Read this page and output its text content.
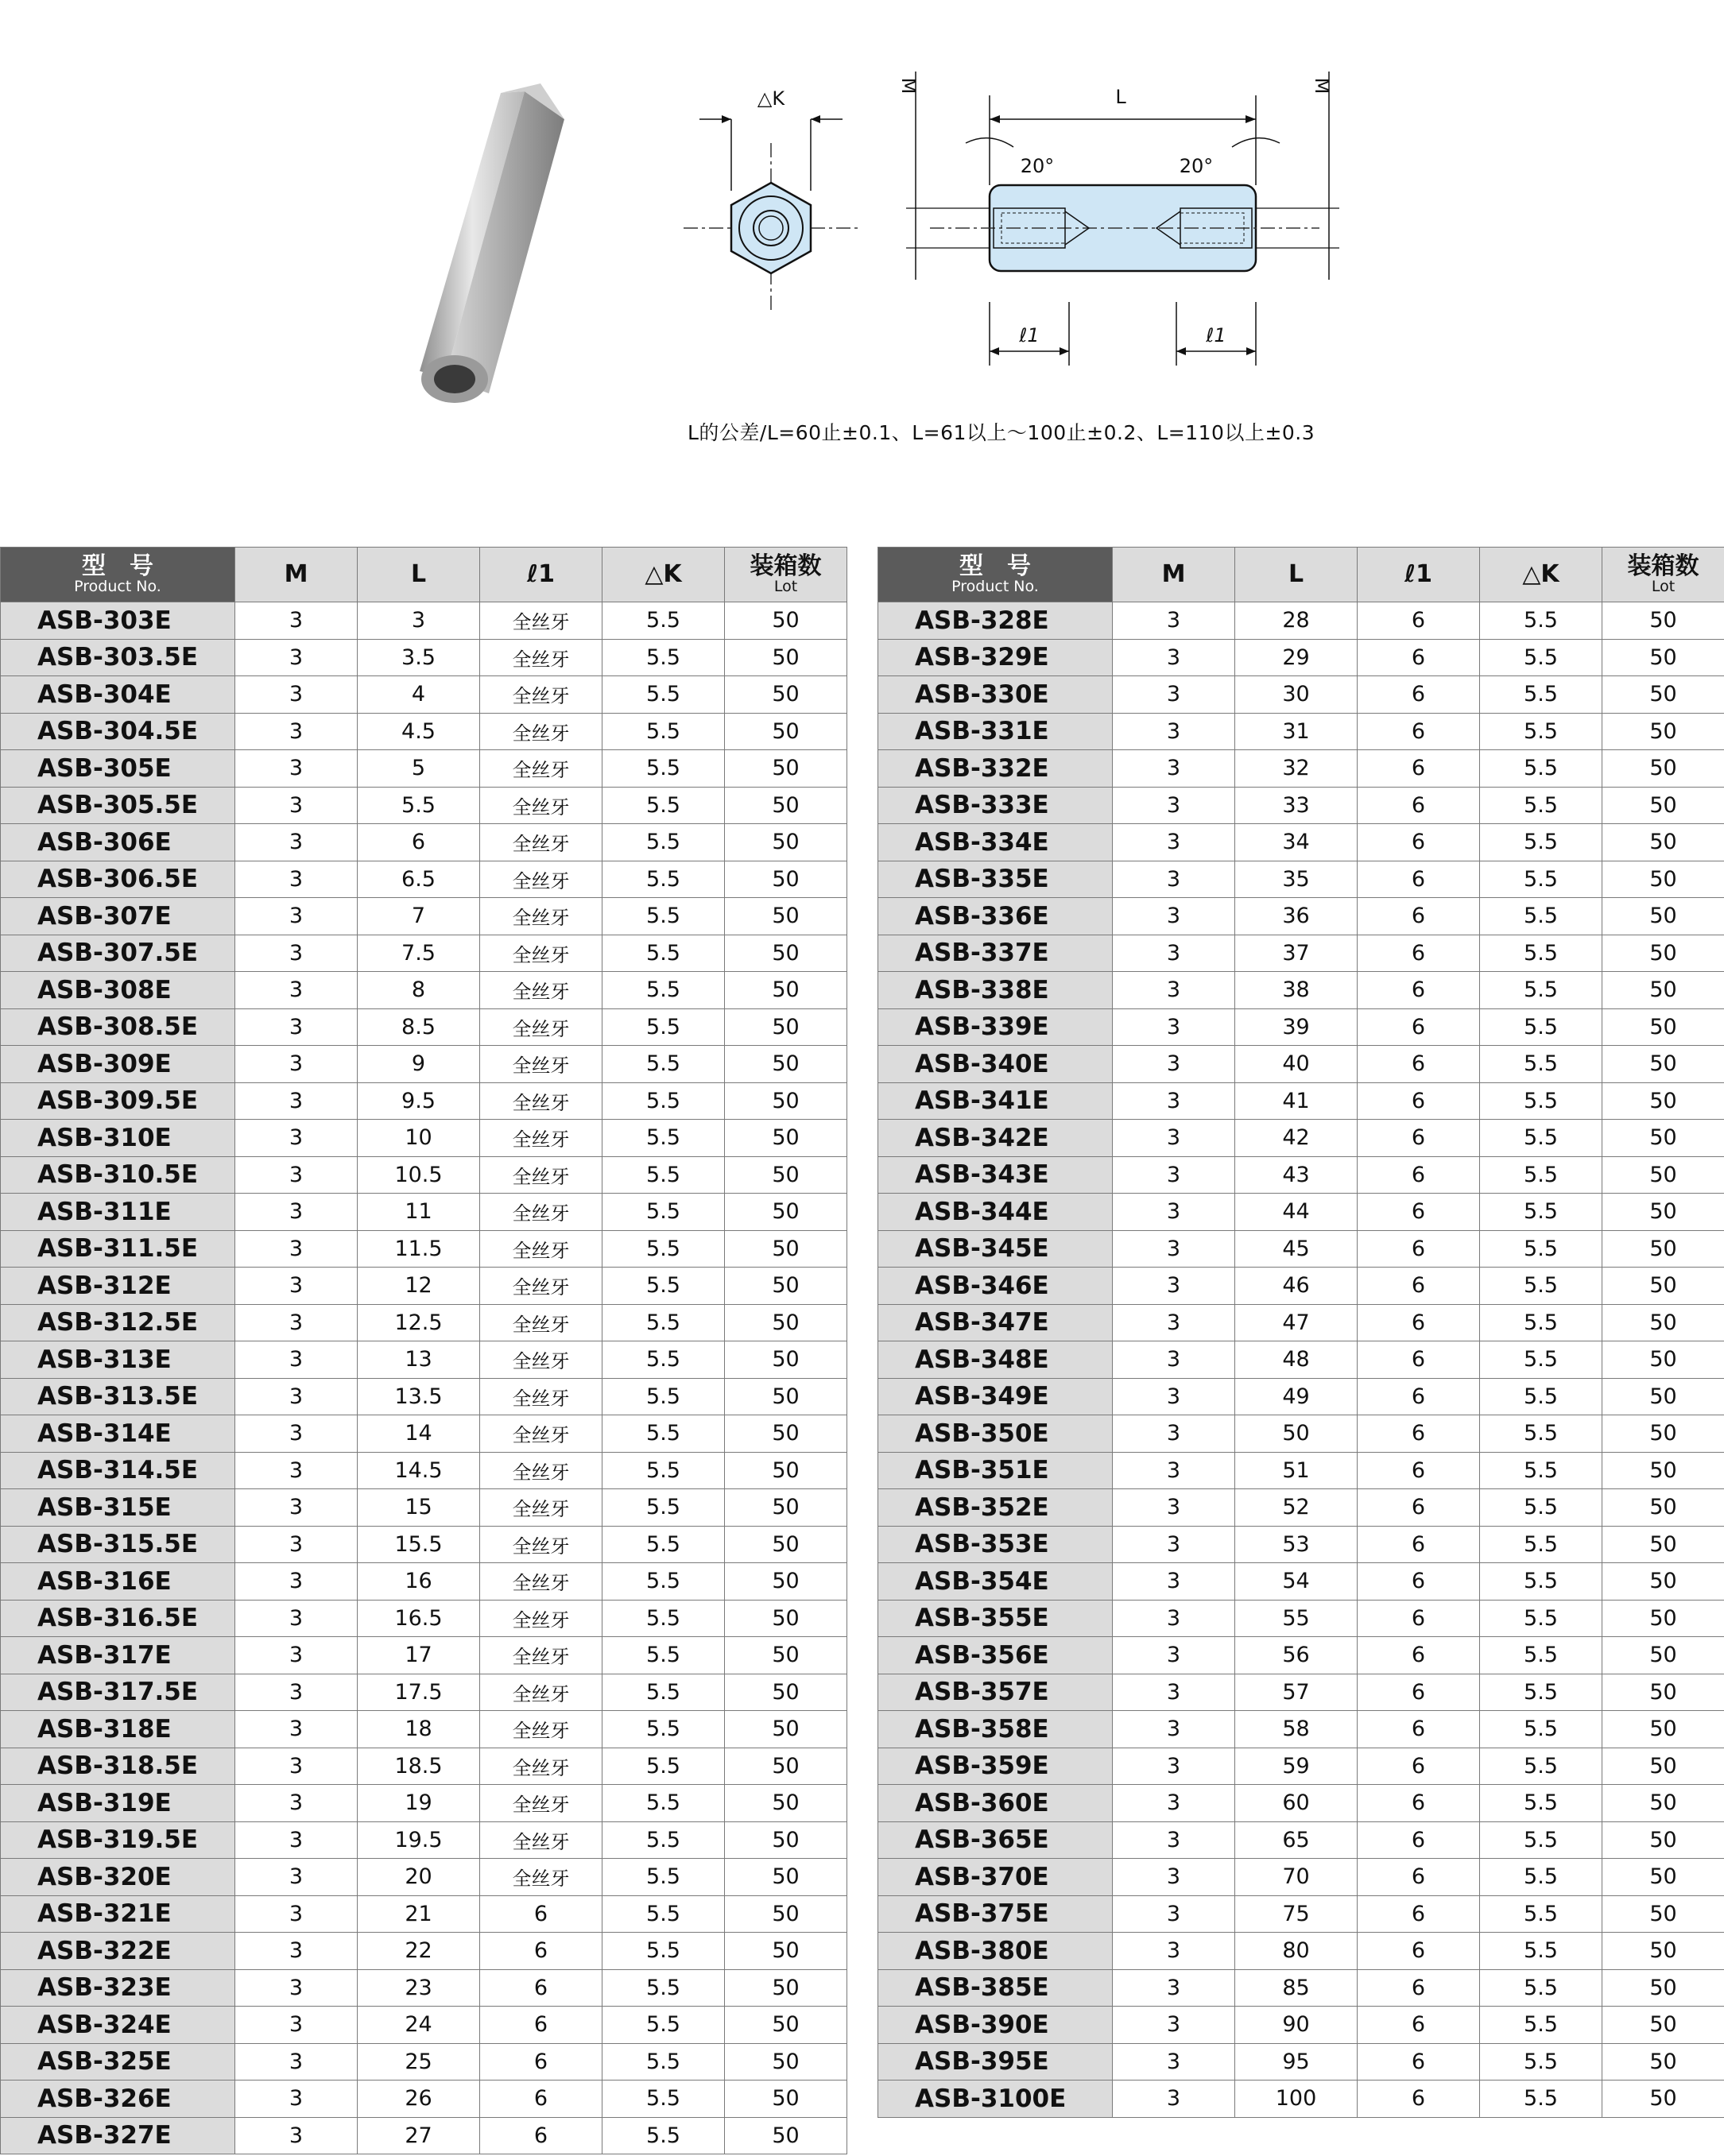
△K
M	M
L
20°	20°
ℓ1	ℓ1
L的公差/L=60止±0.1、L=61以上～100止±0.2、L=110以上±0.3
型　号
Product No.	M	L	ℓ1	△K	装箱数
Lot

ASB-303E	3	3	全丝牙	5.5	50
ASB-303.5E	3	3.5	全丝牙	5.5	50
ASB-304E	3	4	全丝牙	5.5	50
ASB-304.5E	3	4.5	全丝牙	5.5	50
ASB-305E	3	5	全丝牙	5.5	50
ASB-305.5E	3	5.5	全丝牙	5.5	50
ASB-306E	3	6	全丝牙	5.5	50
ASB-306.5E	3	6.5	全丝牙	5.5	50
ASB-307E	3	7	全丝牙	5.5	50
ASB-307.5E	3	7.5	全丝牙	5.5	50
ASB-308E	3	8	全丝牙	5.5	50
ASB-308.5E	3	8.5	全丝牙	5.5	50
ASB-309E	3	9	全丝牙	5.5	50
ASB-309.5E	3	9.5	全丝牙	5.5	50
ASB-310E	3	10	全丝牙	5.5	50
ASB-310.5E	3	10.5	全丝牙	5.5	50
ASB-311E	3	11	全丝牙	5.5	50
ASB-311.5E	3	11.5	全丝牙	5.5	50
ASB-312E	3	12	全丝牙	5.5	50
ASB-312.5E	3	12.5	全丝牙	5.5	50
ASB-313E	3	13	全丝牙	5.5	50
ASB-313.5E	3	13.5	全丝牙	5.5	50
ASB-314E	3	14	全丝牙	5.5	50
ASB-314.5E	3	14.5	全丝牙	5.5	50
ASB-315E	3	15	全丝牙	5.5	50
ASB-315.5E	3	15.5	全丝牙	5.5	50
ASB-316E	3	16	全丝牙	5.5	50
ASB-316.5E	3	16.5	全丝牙	5.5	50
ASB-317E	3	17	全丝牙	5.5	50
ASB-317.5E	3	17.5	全丝牙	5.5	50
ASB-318E	3	18	全丝牙	5.5	50
ASB-318.5E	3	18.5	全丝牙	5.5	50
ASB-319E	3	19	全丝牙	5.5	50
ASB-319.5E	3	19.5	全丝牙	5.5	50
ASB-320E	3	20	全丝牙	5.5	50
ASB-321E	3	21	6	5.5	50
ASB-322E	3	22	6	5.5	50
ASB-323E	3	23	6	5.5	50
ASB-324E	3	24	6	5.5	50
ASB-325E	3	25	6	5.5	50
ASB-326E	3	26	6	5.5	50
ASB-327E	3	27	6	5.5	50
型　号
Product No.	M	L	ℓ1	△K	装箱数
Lot

ASB-328E	3	28	6	5.5	50
ASB-329E	3	29	6	5.5	50
ASB-330E	3	30	6	5.5	50
ASB-331E	3	31	6	5.5	50
ASB-332E	3	32	6	5.5	50
ASB-333E	3	33	6	5.5	50
ASB-334E	3	34	6	5.5	50
ASB-335E	3	35	6	5.5	50
ASB-336E	3	36	6	5.5	50
ASB-337E	3	37	6	5.5	50
ASB-338E	3	38	6	5.5	50
ASB-339E	3	39	6	5.5	50
ASB-340E	3	40	6	5.5	50
ASB-341E	3	41	6	5.5	50
ASB-342E	3	42	6	5.5	50
ASB-343E	3	43	6	5.5	50
ASB-344E	3	44	6	5.5	50
ASB-345E	3	45	6	5.5	50
ASB-346E	3	46	6	5.5	50
ASB-347E	3	47	6	5.5	50
ASB-348E	3	48	6	5.5	50
ASB-349E	3	49	6	5.5	50
ASB-350E	3	50	6	5.5	50
ASB-351E	3	51	6	5.5	50
ASB-352E	3	52	6	5.5	50
ASB-353E	3	53	6	5.5	50
ASB-354E	3	54	6	5.5	50
ASB-355E	3	55	6	5.5	50
ASB-356E	3	56	6	5.5	50
ASB-357E	3	57	6	5.5	50
ASB-358E	3	58	6	5.5	50
ASB-359E	3	59	6	5.5	50
ASB-360E	3	60	6	5.5	50
ASB-365E	3	65	6	5.5	50
ASB-370E	3	70	6	5.5	50
ASB-375E	3	75	6	5.5	50
ASB-380E	3	80	6	5.5	50
ASB-385E	3	85	6	5.5	50
ASB-390E	3	90	6	5.5	50
ASB-395E	3	95	6	5.5	50
ASB-3100E	3	100	6	5.5	50
